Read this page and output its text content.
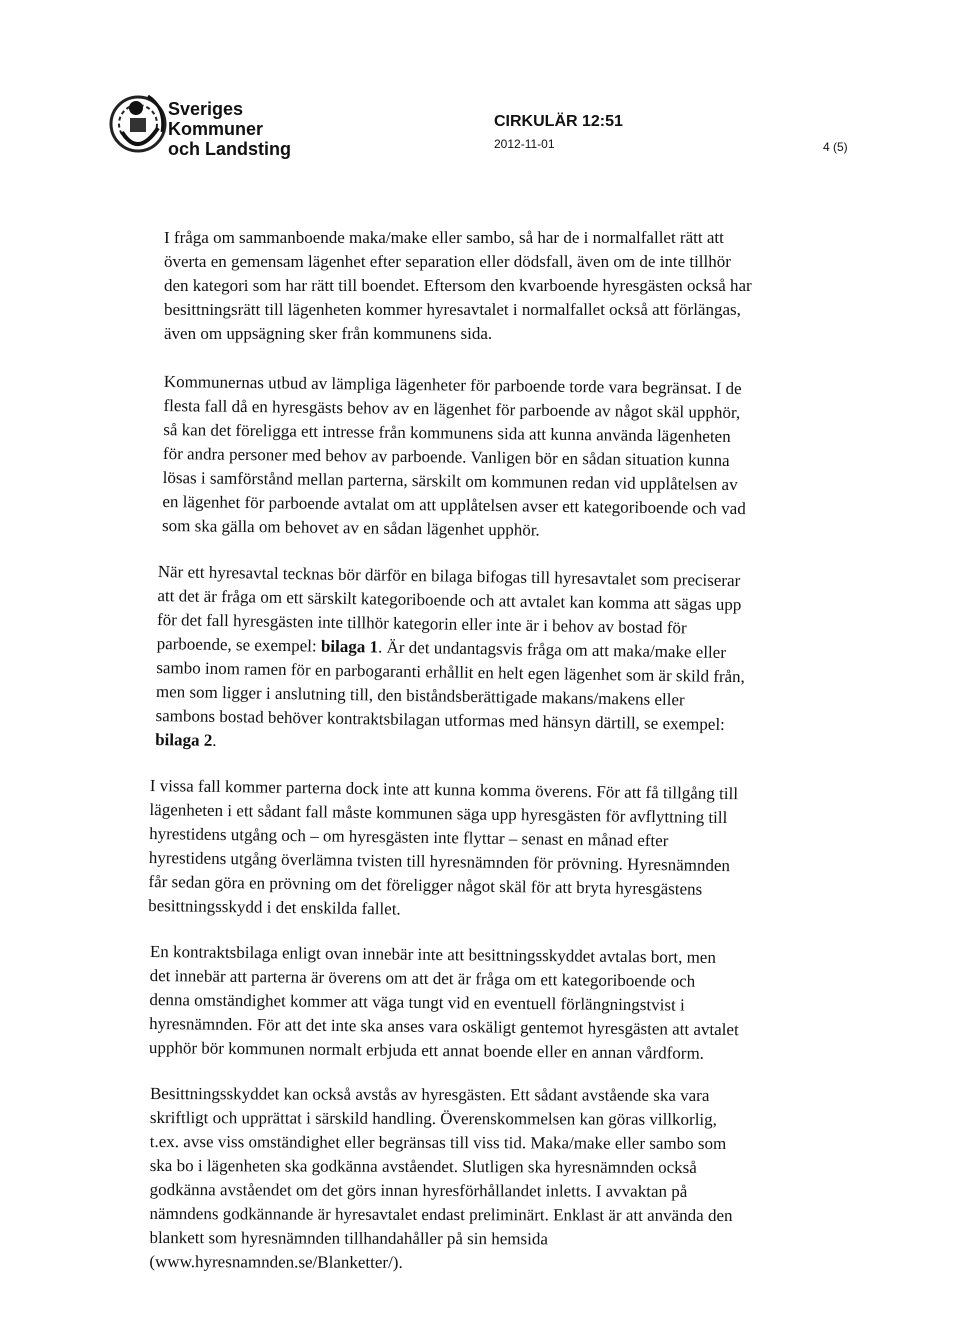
Sveriges
Kommuner
och Landsting
CIRKULÄR 12:51
2012-11-01	4 (5)

I fråga om sammanboende maka/make eller sambo, så har de i normalfallet rätt att
överta en gemensam lägenhet efter separation eller dödsfall, även om de inte tillhör
den kategori som har rätt till boendet. Eftersom den kvarboende hyresgästen också har
besittningsrätt till lägenheten kommer hyresavtalet i normalfallet också att förlängas,
även om uppsägning sker från kommunens sida.

Kommunernas utbud av lämpliga lägenheter för parboende torde vara begränsat. I de
flesta fall då en hyresgästs behov av en lägenhet för parboende av något skäl upphör,
så kan det föreligga ett intresse från kommunens sida att kunna använda lägenheten
för andra personer med behov av parboende. Vanligen bör en sådan situation kunna
lösas i samförstånd mellan parterna, särskilt om kommunen redan vid upplåtelsen av
en lägenhet för parboende avtalat om att upplåtelsen avser ett kategoriboende och vad
som ska gälla om behovet av en sådan lägenhet upphör.

När ett hyresavtal tecknas bör därför en bilaga bifogas till hyresavtalet som preciserar
att det är fråga om ett särskilt kategoriboende och att avtalet kan komma att sägas upp
för det fall hyresgästen inte tillhör kategorin eller inte är i behov av bostad för
parboende, se exempel: bilaga 1. Är det undantagsvis fråga om att maka/make eller
sambo inom ramen för en parbogaranti erhållit en helt egen lägenhet som är skild från,
men som ligger i anslutning till, den biståndsberättigade makans/makens eller
sambons bostad behöver kontraktsbilagan utformas med hänsyn därtill, se exempel:
bilaga 2.

I vissa fall kommer parterna dock inte att kunna komma överens. För att få tillgång till
lägenheten i ett sådant fall måste kommunen säga upp hyresgästen för avflyttning till
hyrestidens utgång och – om hyresgästen inte flyttar – senast en månad efter
hyrestidens utgång överlämna tvisten till hyresnämnden för prövning. Hyresnämnden
får sedan göra en prövning om det föreligger något skäl för att bryta hyresgästens
besittningsskydd i det enskilda fallet.

En kontraktsbilaga enligt ovan innebär inte att besittningsskyddet avtalas bort, men
det innebär att parterna är överens om att det är fråga om ett kategoriboende och
denna omständighet kommer att väga tungt vid en eventuell förlängningstvist i
hyresnämnden. För att det inte ska anses vara oskäligt gentemot hyresgästen att avtalet
upphör bör kommunen normalt erbjuda ett annat boende eller en annan vårdform.

Besittningsskyddet kan också avstås av hyresgästen. Ett sådant avstående ska vara
skriftligt och upprättat i särskild handling. Överenskommelsen kan göras villkorlig,
t.ex. avse viss omständighet eller begränsas till viss tid. Maka/make eller sambo som
ska bo i lägenheten ska godkänna avståendet. Slutligen ska hyresnämnden också
godkänna avståendet om det görs innan hyresförhållandet inletts. I avvaktan på
nämndens godkännande är hyresavtalet endast preliminärt. Enklast är att använda den
blankett som hyresnämnden tillhandahåller på sin hemsida
(www.hyresnamnden.se/Blanketter/).
